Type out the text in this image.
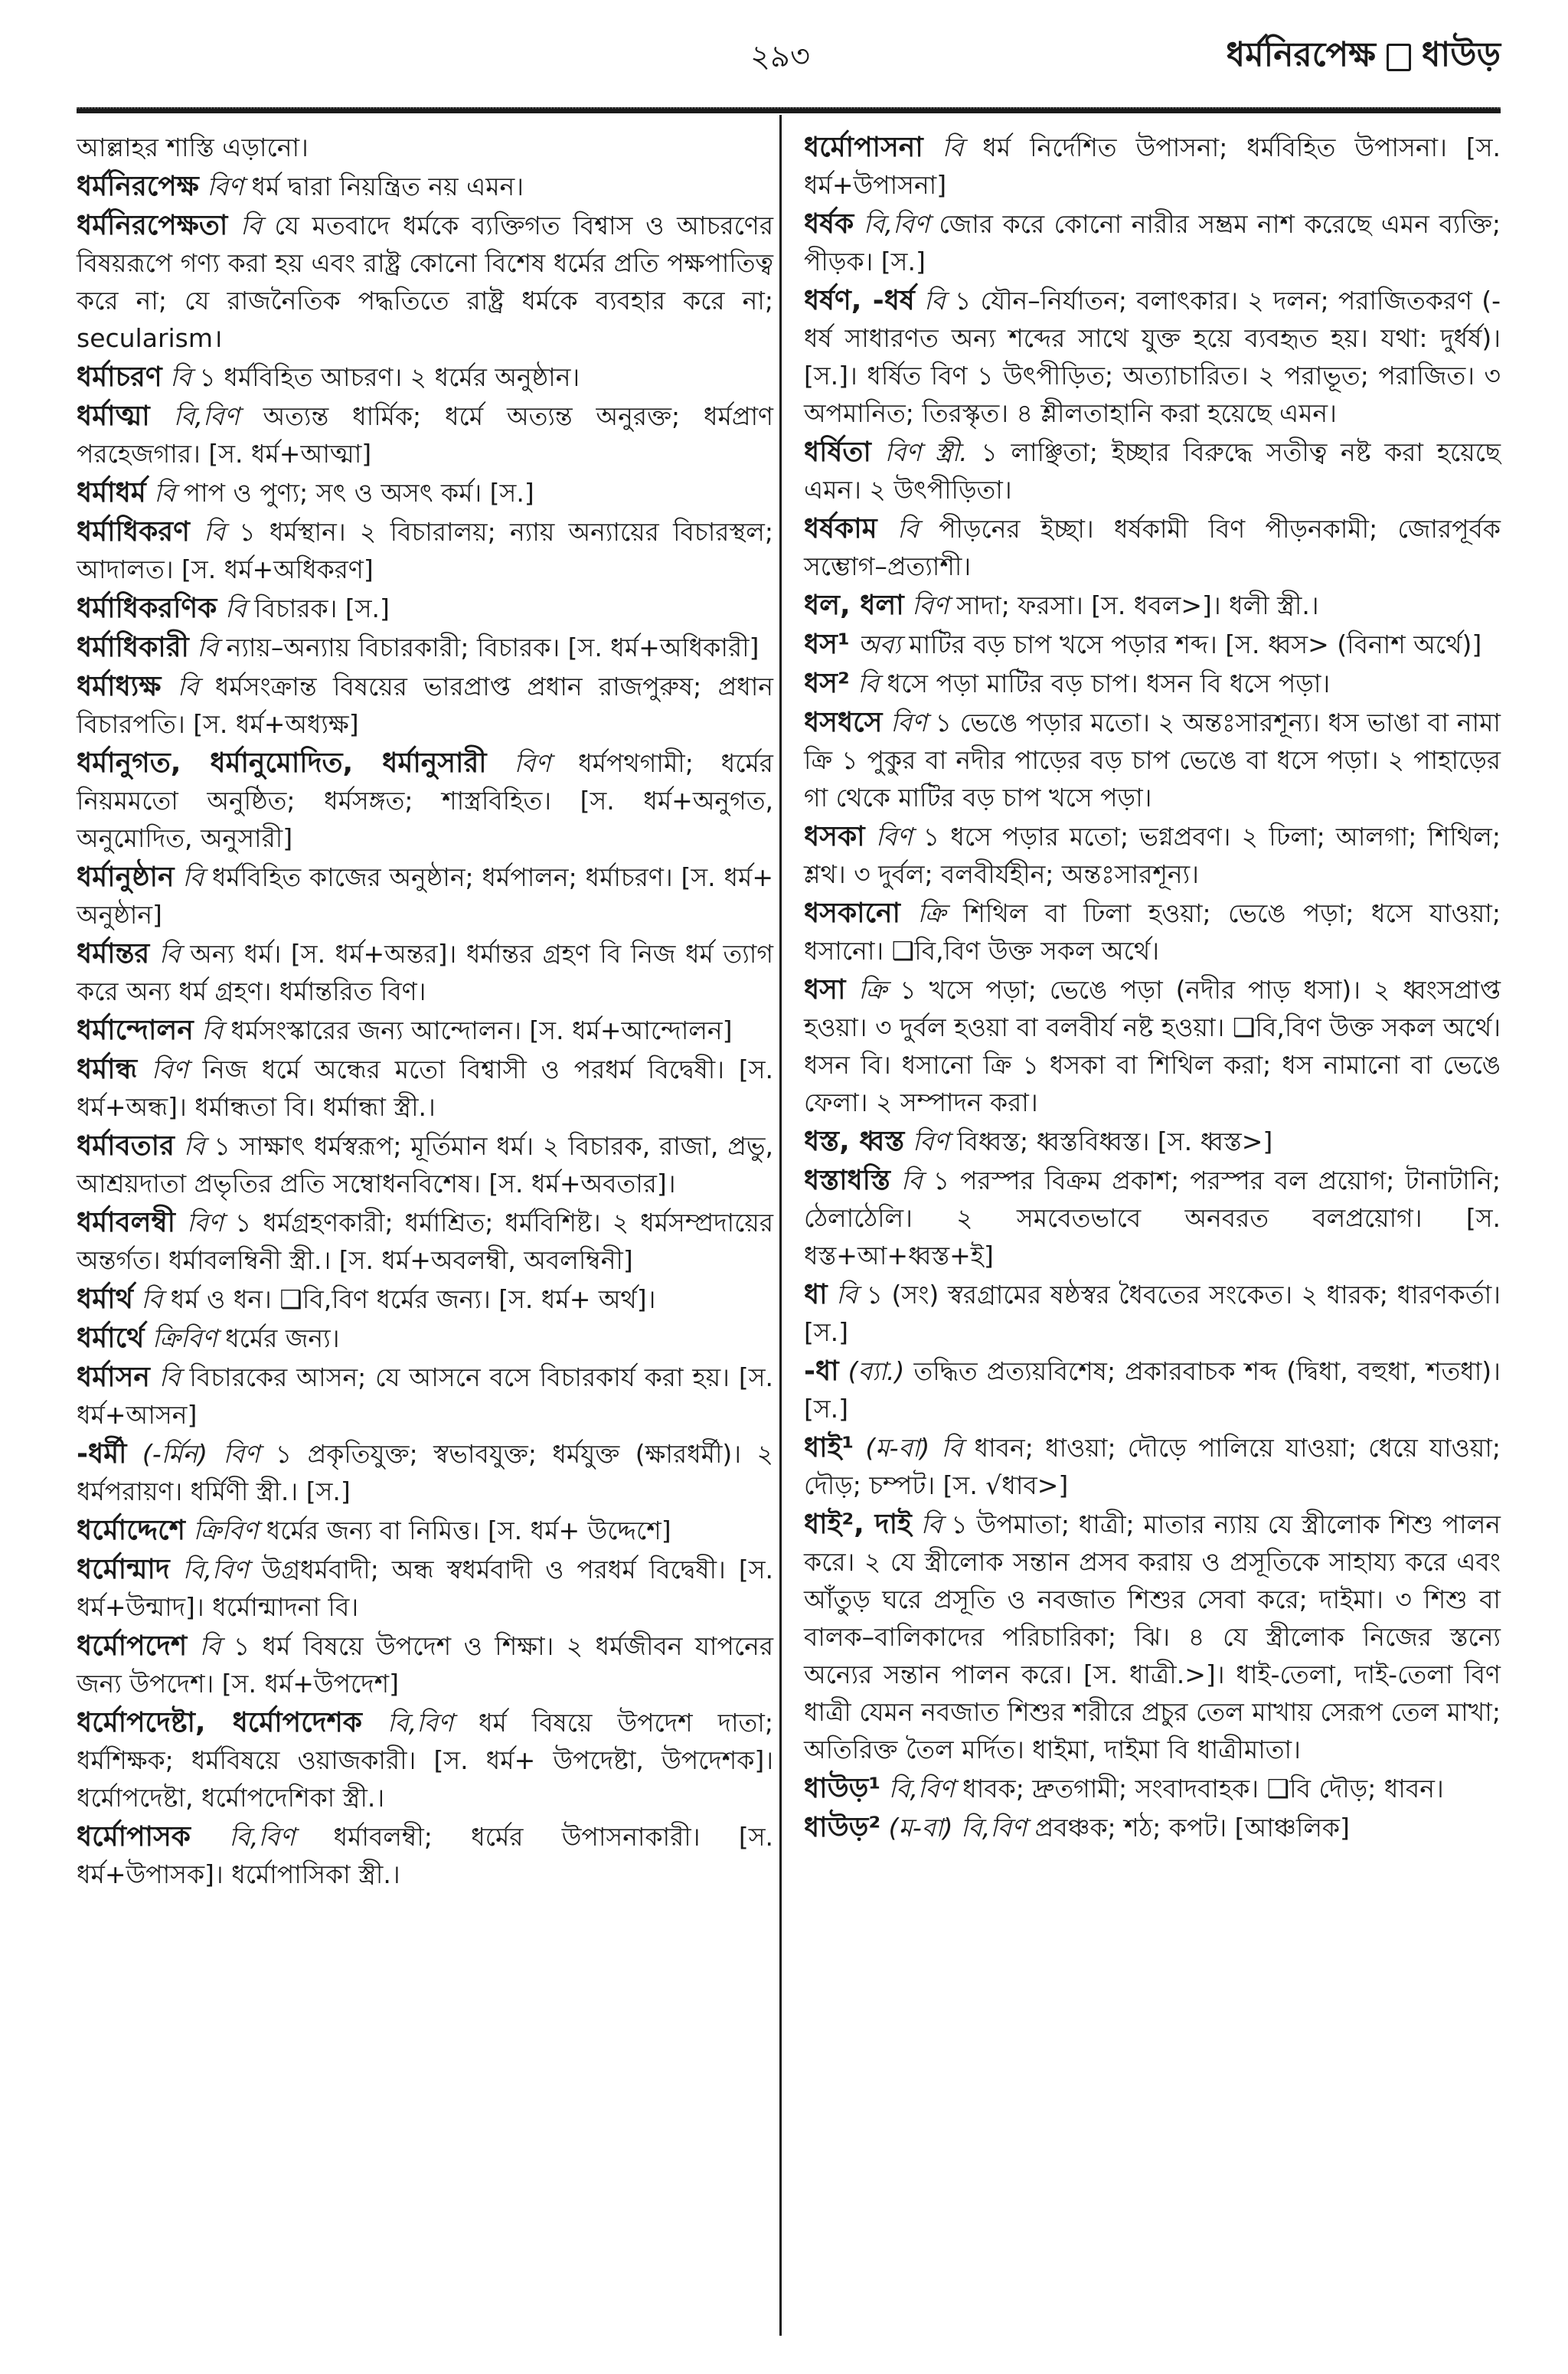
২৯৩	ধর্মনিরপেক্ষ ধাউড়

আল্লাহর শাস্তি এড়ানো।

ধর্মনিরপেক্ষ বিণ ধর্ম দ্বারা নিয়ন্ত্রিত নয় এমন।

ধর্মনিরপেক্ষতা বি যে মতবাদে ধর্মকে ব্যক্তিগত বিশ্বাস ও আচরণের বিষয়রূপে গণ্য করা হয় এবং রাষ্ট্র কোনো বিশেষ ধর্মের প্রতি পক্ষপাতিত্ব করে না; যে রাজনৈতিক পদ্ধতিতে রাষ্ট্র ধর্মকে ব্যবহার করে না; secularism।

ধর্মাচরণ বি ১ ধর্মবিহিত আচরণ। ২ ধর্মের অনুষ্ঠান।

ধর্মাত্মা বি,বিণ অত্যন্ত ধার্মিক; ধর্মে অত্যন্ত অনুরক্ত; ধর্মপ্রাণ পরহেজগার। [স. ধর্ম+আত্মা]

ধর্মাধর্ম বি পাপ ও পুণ্য; সৎ ও অসৎ কর্ম। [স.]

ধর্মাধিকরণ বি ১ ধর্মস্থান। ২ বিচারালয়; ন্যায় অন্যায়ের বিচারস্থল; আদালত। [স. ধর্ম+অধিকরণ]

ধর্মাধিকরণিক বি বিচারক। [স.]

ধর্মাধিকারী বি ন্যায়–অন্যায় বিচারকারী; বিচারক। [স. ধর্ম+অধিকারী]

ধর্মাধ্যক্ষ বি ধর্মসংক্রান্ত বিষয়ের ভারপ্রাপ্ত প্রধান রাজপুরুষ; প্রধান বিচারপতি। [স. ধর্ম+অধ্যক্ষ]

ধর্মানুগত, ধর্মানুমোদিত, ধর্মানুসারী বিণ ধর্মপথগামী; ধর্মের নিয়মমতো অনুষ্ঠিত; ধর্মসঙ্গত; শাস্ত্রবিহিত। [স. ধর্ম+অনুগত, অনুমোদিত, অনুসারী]

ধর্মানুষ্ঠান বি ধর্মবিহিত কাজের অনুষ্ঠান; ধর্মপালন; ধর্মাচরণ। [স. ধর্ম+ অনুষ্ঠান]

ধর্মান্তর বি অন্য ধর্ম। [স. ধর্ম+অন্তর]। ধর্মান্তর গ্রহণ বি নিজ ধর্ম ত্যাগ করে অন্য ধর্ম গ্রহণ। ধর্মান্তরিত বিণ।

ধর্মান্দোলন বি ধর্মসংস্কারের জন্য আন্দোলন। [স. ধর্ম+আন্দোলন]

ধর্মান্ধ বিণ নিজ ধর্মে অন্ধের মতো বিশ্বাসী ও পরধর্ম বিদ্বেষী। [স. ধর্ম+অন্ধ]। ধর্মান্ধতা বি। ধর্মান্ধা স্ত্রী.।

ধর্মাবতার বি ১ সাক্ষাৎ ধর্মস্বরূপ; মূর্তিমান ধর্ম। ২ বিচারক, রাজা, প্রভু, আশ্রয়দাতা প্রভৃতির প্রতি সম্বোধনবিশেষ। [স. ধর্ম+অবতার]।

ধর্মাবলম্বী বিণ ১ ধর্মগ্রহণকারী; ধর্মাশ্রিত; ধর্মবিশিষ্ট। ২ ধর্মসম্প্রদায়ের অন্তর্গত। ধর্মাবলম্বিনী স্ত্রী.। [স. ধর্ম+অবলম্বী, অবলম্বিনী]

ধর্মার্থ বি ধর্ম ও ধন। ❑বি,বিণ ধর্মের জন্য। [স. ধর্ম+ অর্থ]।

ধর্মার্থে ক্রিবিণ ধর্মের জন্য।

ধর্মাসন বি বিচারকের আসন; যে আসনে বসে বিচারকার্য করা হয়। [স. ধর্ম+আসন]

-ধর্মী (-র্মিন) বিণ ১ প্রকৃতিযুক্ত; স্বভাবযুক্ত; ধর্মযুক্ত (ক্ষারধর্মী)। ২ ধর্মপরায়ণ। ধর্মিণী স্ত্রী.। [স.]

ধর্মোদ্দেশে ক্রিবিণ ধর্মের জন্য বা নিমিত্ত। [স. ধর্ম+ উদ্দেশে]

ধর্মোন্মাদ বি,বিণ উগ্রধর্মবাদী; অন্ধ স্বধর্মবাদী ও পরধর্ম বিদ্বেষী। [স. ধর্ম+উন্মাদ]। ধর্মোন্মাদনা বি।

ধর্মোপদেশ বি ১ ধর্ম বিষয়ে উপদেশ ও শিক্ষা। ২ ধর্মজীবন যাপনের জন্য উপদেশ। [স. ধর্ম+উপদেশ]

ধর্মোপদেষ্টা, ধর্মোপদেশক বি,বিণ ধর্ম বিষয়ে উপদেশ দাতা; ধর্মশিক্ষক; ধর্মবিষয়ে ওয়াজকারী। [স. ধর্ম+ উপদেষ্টা, উপদেশক]। ধর্মোপদেষ্টা, ধর্মোপদেশিকা স্ত্রী.।

ধর্মোপাসক বি,বিণ ধর্মাবলম্বী; ধর্মের উপাসনাকারী। [স. ধর্ম+উপাসক]। ধর্মোপাসিকা স্ত্রী.।

ধর্মোপাসনা বি ধর্ম নির্দেশিত উপাসনা; ধর্মবিহিত উপাসনা। [স. ধর্ম+উপাসনা]

ধর্ষক বি,বিণ জোর করে কোনো নারীর সম্ভ্রম নাশ করেছে এমন ব্যক্তি; পীড়ক। [স.]

ধর্ষণ, -ধর্ষ বি ১ যৌন–নির্যাতন; বলাৎকার। ২ দলন; পরাজিতকরণ (-ধর্ষ সাধারণত অন্য শব্দের সাথে যুক্ত হয়ে ব্যবহৃত হয়। যথা: দুর্ধর্ষ)। [স.]। ধর্ষিত বিণ ১ উৎপীড়িত; অত্যাচারিত। ২ পরাভূত; পরাজিত। ৩ অপমানিত; তিরস্কৃত। ৪ শ্লীলতাহানি করা হয়েছে এমন।

ধর্ষিতা বিণ স্ত্রী. ১ লাঞ্ছিতা; ইচ্ছার বিরুদ্ধে সতীত্ব নষ্ট করা হয়েছে এমন। ২ উৎপীড়িতা।

ধর্ষকাম বি পীড়নের ইচ্ছা। ধর্ষকামী বিণ পীড়নকামী; জোরপূর্বক সম্ভোগ–প্রত্যাশী।

ধল, ধলা বিণ সাদা; ফরসা। [স. ধবল>]। ধলী স্ত্রী.।

ধস¹ অব্য মাটির বড় চাপ খসে পড়ার শব্দ। [স. ধ্বস> (বিনাশ অর্থে)]

ধস² বি ধসে পড়া মাটির বড় চাপ। ধসন বি ধসে পড়া।

ধসধসে বিণ ১ ভেঙে পড়ার মতো। ২ অন্তঃসারশূন্য। ধস ভাঙা বা নামা ক্রি ১ পুকুর বা নদীর পাড়ের বড় চাপ ভেঙে বা ধসে পড়া। ২ পাহাড়ের গা থেকে মাটির বড় চাপ খসে পড়া।

ধসকা বিণ ১ ধসে পড়ার মতো; ভগ্নপ্রবণ। ২ ঢিলা; আলগা; শিথিল; শ্লথ। ৩ দুর্বল; বলবীর্যহীন; অন্তঃসারশূন্য।

ধসকানো ক্রি শিথিল বা ঢিলা হওয়া; ভেঙে পড়া; ধসে যাওয়া; ধসানো। ❑বি,বিণ উক্ত সকল অর্থে।

ধসা ক্রি ১ খসে পড়া; ভেঙে পড়া (নদীর পাড় ধসা)। ২ ধ্বংসপ্রাপ্ত হওয়া। ৩ দুর্বল হওয়া বা বলবীর্য নষ্ট হওয়া। ❑বি,বিণ উক্ত সকল অর্থে। ধসন বি। ধসানো ক্রি ১ ধসকা বা শিথিল করা; ধস নামানো বা ভেঙে ফেলা। ২ সম্পাদন করা।

ধস্ত, ধ্বস্ত বিণ বিধ্বস্ত; ধ্বস্তবিধ্বস্ত। [স. ধ্বস্ত>]

ধস্তাধস্তি বি ১ পরস্পর বিক্রম প্রকাশ; পরস্পর বল প্রয়োগ; টানাটানি; ঠেলাঠেলি। ২ সমবেতভাবে অনবরত বলপ্রয়োগ। [স. ধস্ত+আ+ধ্বস্ত+ই]

ধা বি ১ (সং) স্বরগ্রামের ষষ্ঠস্বর ধৈবতের সংকেত। ২ ধারক; ধারণকর্তা। [স.]

-ধা (ব্যা.) তদ্ধিত প্রত্যয়বিশেষ; প্রকারবাচক শব্দ (দ্বিধা, বহুধা, শতধা)। [স.]

ধাই¹ (ম-বা) বি ধাবন; ধাওয়া; দৌড়ে পালিয়ে যাওয়া; ধেয়ে যাওয়া; দৌড়; চম্পট। [স. √ধাব>]

ধাই², দাই বি ১ উপমাতা; ধাত্রী; মাতার ন্যায় যে স্ত্রীলোক শিশু পালন করে। ২ যে স্ত্রীলোক সন্তান প্রসব করায় ও প্রসূতিকে সাহায্য করে এবং আঁতুড় ঘরে প্রসূতি ও নবজাত শিশুর সেবা করে; দাইমা। ৩ শিশু বা বালক–বালিকাদের পরিচারিকা; ঝি। ৪ যে স্ত্রীলোক নিজের স্তন্যে অন্যের সন্তান পালন করে। [স. ধাত্রী.>]। ধাই-তেলা, দাই-তেলা বিণ ধাত্রী যেমন নবজাত শিশুর শরীরে প্রচুর তেল মাখায় সেরূপ তেল মাখা; অতিরিক্ত তৈল মর্দিত। ধাইমা, দাইমা বি ধাত্রীমাতা।

ধাউড়¹ বি,বিণ ধাবক; দ্রুতগামী; সংবাদবাহক। ❑বি দৌড়; ধাবন।

ধাউড়² (ম-বা) বি,বিণ প্রবঞ্চক; শঠ; কপট। [আঞ্চলিক]
